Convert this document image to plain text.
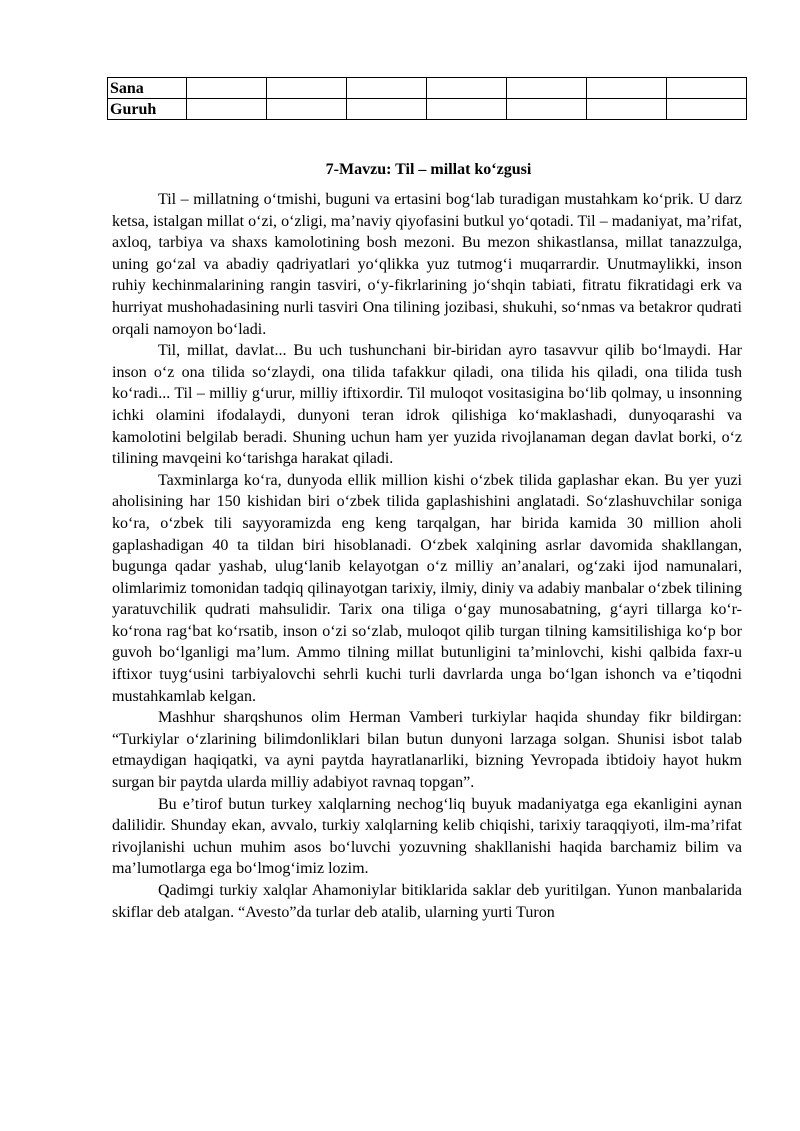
Sana							
Guruh							
7-Mavzu: Til – millat ko‘zgusi

Til – millatning o‘tmishi, buguni va ertasini bog‘lab turadigan mustahkam ko‘prik. U darz ketsa, istalgan millat o‘zi, o‘zligi, ma’naviy qiyofasini butkul yo‘qotadi. Til – madaniyat, ma’rifat, axloq, tarbiya va shaxs kamolotining bosh mezoni. Bu mezon shikastlansa, millat tanazzulga, uning go‘zal va abadiy qadriyatlari yo‘qlikka yuz tutmog‘i muqarrardir. Unutmaylikki, inson ruhiy kechinmalarining rangin tasviri, o‘y-fikrlarining jo‘shqin tabiati, fitratu fikratidagi erk va hurriyat mushohadasining nurli tasviri Ona tilining jozibasi, shukuhi, so‘nmas va betakror qudrati orqali namoyon bo‘ladi.

Til, millat, davlat... Bu uch tushunchani bir-biridan ayro tasavvur qilib bo‘lmaydi. Har inson o‘z ona tilida so‘zlaydi, ona tilida tafakkur qiladi, ona tilida his qiladi, ona tilida tush ko‘radi... Til – milliy g‘urur, milliy iftixordir. Til muloqot vositasigina bo‘lib qolmay, u insonning ichki olamini ifodalaydi, dunyoni teran idrok qilishiga ko‘maklashadi, dunyoqarashi va kamolotini belgilab beradi. Shuning uchun ham yer yuzida rivojlanaman degan davlat borki, o‘z tilining mavqeini ko‘tarishga harakat qiladi.

Taxminlarga ko‘ra, dunyoda ellik million kishi o‘zbek tilida gaplashar ekan. Bu yer yuzi aholisining har 150 kishidan biri o‘zbek tilida gaplashishini anglatadi. So‘zlashuvchilar soniga ko‘ra, o‘zbek tili sayyoramizda eng keng tarqalgan, har birida kamida 30 million aholi gaplashadigan 40 ta tildan biri hisoblanadi. O‘zbek xalqining asrlar davomida shakllangan, bugunga qadar yashab, ulug‘lanib kelayotgan o‘z milliy an’analari, og‘zaki ijod namunalari, olimlarimiz tomonidan tadqiq qilinayotgan tarixiy, ilmiy, diniy va adabiy manbalar o‘zbek tilining yaratuvchilik qudrati mahsulidir. Tarix ona tiliga o‘gay munosabatning, g‘ayri tillarga ko‘r-ko‘rona rag‘bat ko‘rsatib, inson o‘zi so‘zlab, muloqot qilib turgan tilning kamsitilishiga ko‘p bor guvoh bo‘lganligi ma’lum. Ammo tilning millat butunligini ta’minlovchi, kishi qalbida faxr-u iftixor tuyg‘usini tarbiyalovchi sehrli kuchi turli davrlarda unga bo‘lgan ishonch va e’tiqodni mustahkamlab kelgan.

Mashhur sharqshunos olim Herman Vamberi turkiylar haqida shunday fikr bildirgan: “Turkiylar o‘zlarining bilimdonliklari bilan butun dunyoni larzaga solgan. Shunisi isbot talab etmaydigan haqiqatki, va ayni paytda hayratlanarliki, bizning Yevropada ibtidoiy hayot hukm surgan bir paytda ularda milliy adabiyot ravnaq topgan”.

Bu e’tirof butun turkey xalqlarning nechog‘liq buyuk madaniyatga ega ekanligini aynan dalilidir. Shunday ekan, avvalo, turkiy xalqlarning kelib chiqishi, tarixiy taraqqiyoti, ilm-ma’rifat rivojlanishi uchun muhim asos bo‘luvchi yozuvning shakllanishi haqida barchamiz bilim va ma’lumotlarga ega bo‘lmog‘imiz lozim.

Qadimgi turkiy xalqlar Ahamoniylar bitiklarida saklar deb yuritilgan. Yunon manbalarida skiflar deb atalgan. “Avesto”da turlar deb atalib, ularning yurti Turon
